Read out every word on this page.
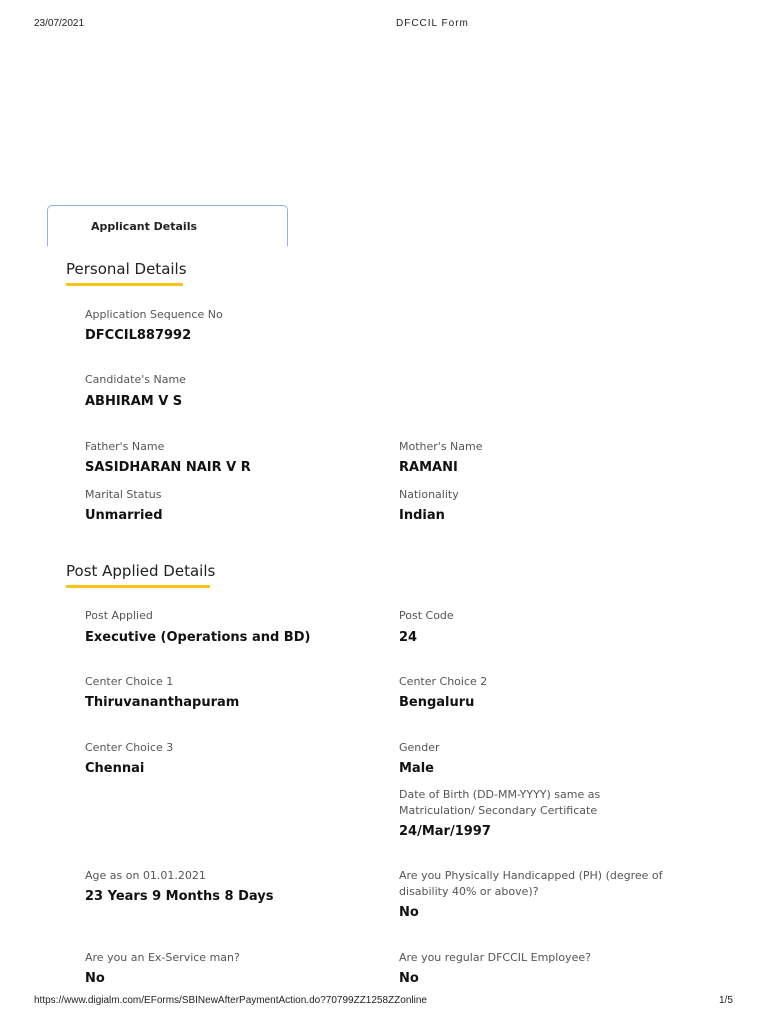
23/07/2021	DFCCIL Form
https://www.digialm.com/EForms/SBINewAfterPaymentAction.do?70799ZZ1258ZZonline	1/5
Applicant Details
Personal Details
Application Sequence No
DFCCIL887992
Candidate's Name
ABHIRAM V S
Father's Name
SASIDHARAN NAIR V R
Mother's Name
RAMANI
Marital Status
Unmarried
Nationality
Indian
Post Applied Details
Post Applied
Executive (Operations and BD)
Post Code
24
Center Choice 1
Thiruvananthapuram
Center Choice 2
Bengaluru
Center Choice 3
Chennai
Gender
Male
Date of Birth (DD-MM-YYYY) same as Matriculation/ Secondary Certificate
24/Mar/1997
Age as on 01.01.2021
23 Years 9 Months 8 Days
Are you Physically Handicapped (PH) (degree of disability 40% or above)?
No
Are you an Ex-Service man?
No
Are you regular DFCCIL Employee?
No
